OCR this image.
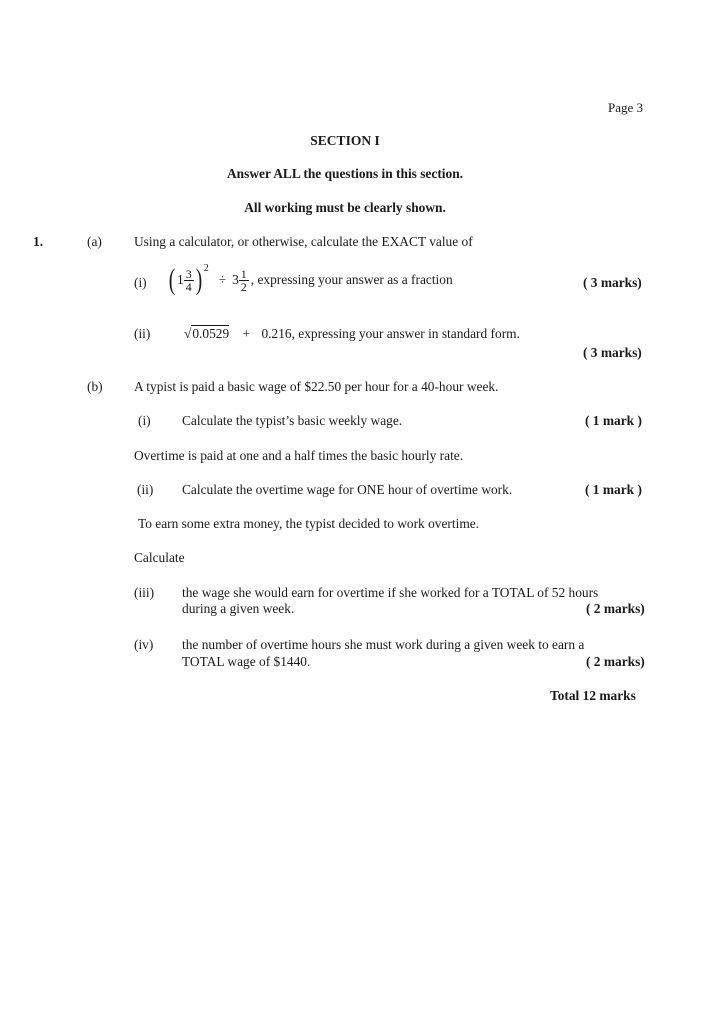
Page 3
SECTION I
Answer ALL the questions in this section.
All working must be clearly shown.
1.	(a) Using a calculator, or otherwise, calculate the EXACT value of
(i) ( $1 \frac{3}{4} )^2$
÷ $3 \frac{1}{2}$ , expressing your answer as a fraction	( 3 marks)
(ii)	√0.0529 + 0.216, expressing your answer in standard form.
( 3 marks)
(b) A typist is paid a basic wage of $22.50 per hour for a 40-hour week.
(i) Calculate the typist’s basic weekly wage.	( 1 mark )
Overtime is paid at one and a half times the basic hourly rate.
(ii) Calculate the overtime wage for ONE hour of overtime work.	( 1 mark )
To earn some extra money, the typist decided to work overtime.
Calculate
(iii) the wage she would earn for overtime if she worked for a TOTAL of 52 hours
during a given week.	( 2 marks)
(iv) the number of overtime hours she must work during a given week to earn a
TOTAL wage of $1440.	( 2 marks)
Total 12 marks
